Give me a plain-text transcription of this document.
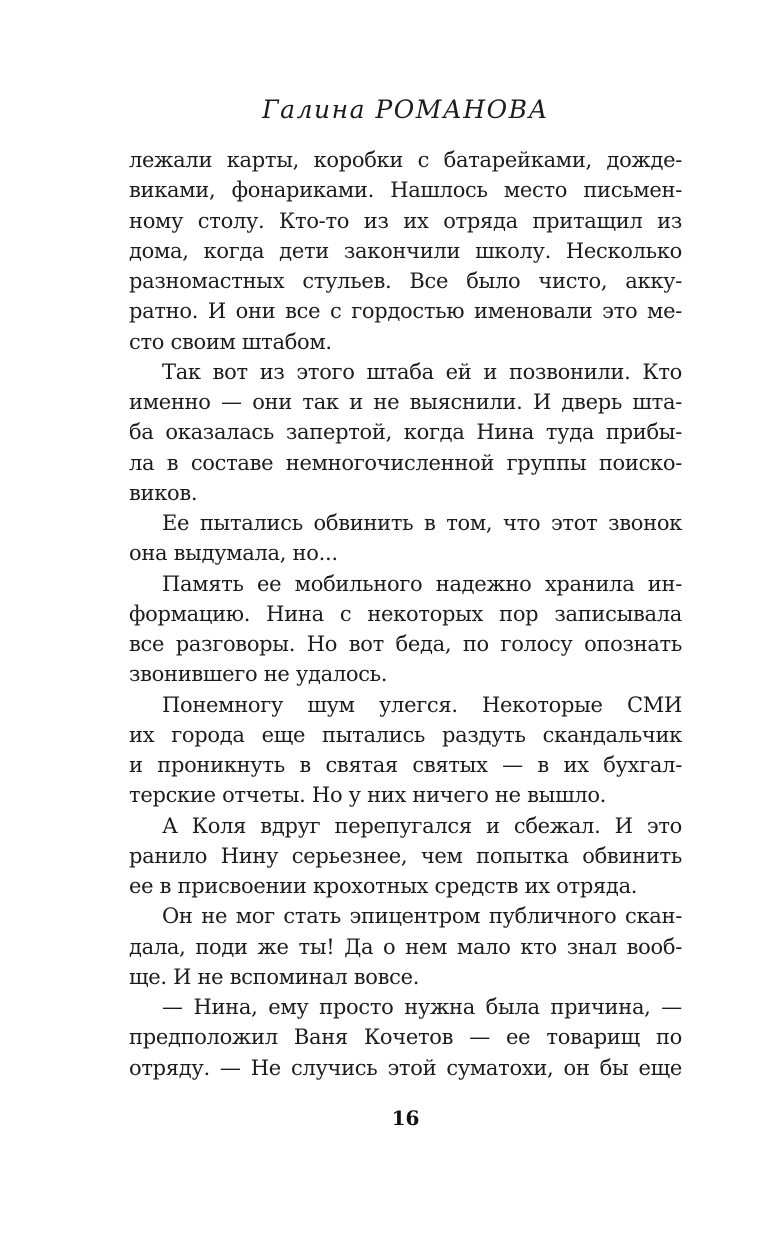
Галина РОМАНОВА
лежали карты, коробки с батарейками, дожде-
виками, фонариками. Нашлось место письмен-
ному столу. Кто-то из их отряда притащил из
дома, когда дети закончили школу. Несколько
разномастных стульев. Все было чисто, акку-
ратно. И они все с гордостью именовали это ме-
сто своим штабом.
Так вот из этого штаба ей и позвонили. Кто
именно — они так и не выяснили. И дверь шта-
ба оказалась запертой, когда Нина туда прибы-
ла в составе немногочисленной группы поиско-
виков.
Ее пытались обвинить в том, что этот звонок
она выдумала, но...
Память ее мобильного надежно хранила ин-
формацию. Нина с некоторых пор записывала
все разговоры. Но вот беда, по голосу опознать
звонившего не удалось.
Понемногу шум улегся. Некоторые СМИ
их города еще пытались раздуть скандальчик
и проникнуть в святая святых — в их бухгал-
терские отчеты. Но у них ничего не вышло.
А Коля вдруг перепугался и сбежал. И это
ранило Нину серьезнее, чем попытка обвинить
ее в присвоении крохотных средств их отряда.
Он не мог стать эпицентром публичного скан-
дала, поди же ты! Да о нем мало кто знал вооб-
ще. И не вспоминал вовсе.
— Нина, ему просто нужна была причина, —
предположил Ваня Кочетов — ее товарищ по
отряду. — Не случись этой суматохи, он бы еще
16
